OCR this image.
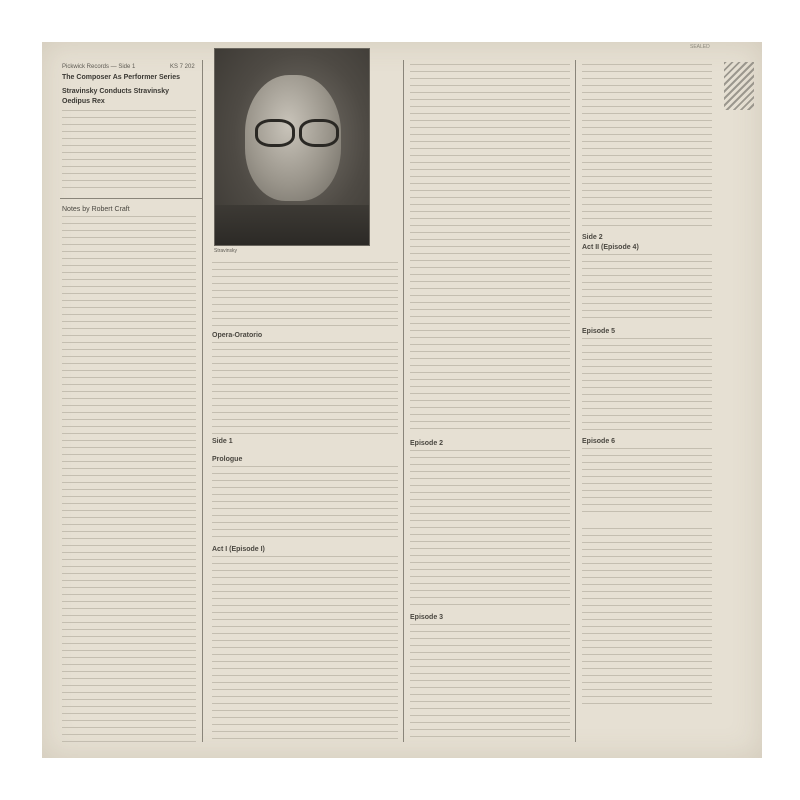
Pickwick Records — Side 1	KS 7 202
The Composer As Performer Series
Stravinsky Conducts Stravinsky
Oedipus Rex
Notes by Robert Craft
Stravinsky
Opera-Oratorio
Side 1
Prologue
Act I (Episode I)
Episode 2
Episode 3
Side 2
Act II (Episode 4)
Episode 5
Episode 6
SEALED
